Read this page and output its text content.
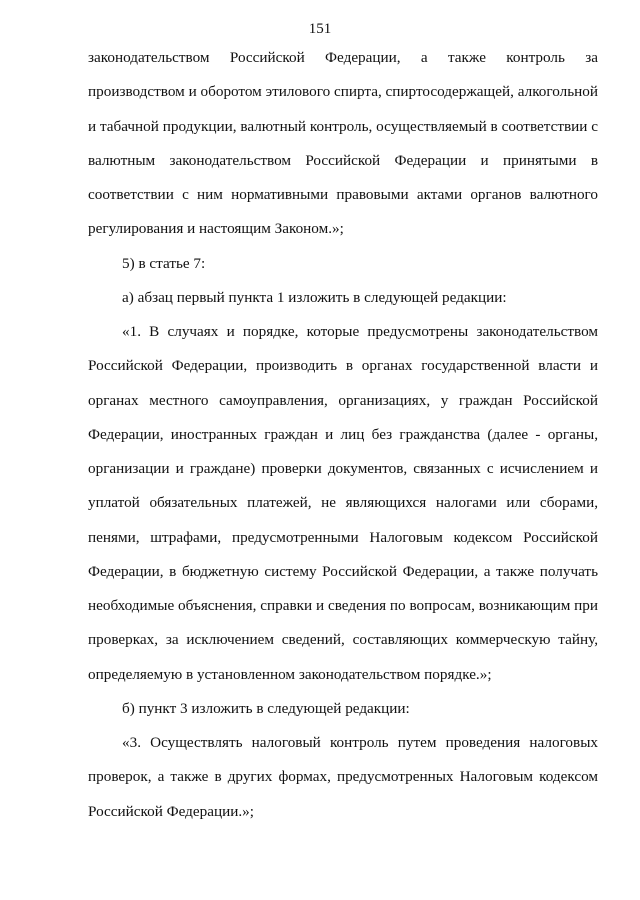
151

законодательством Российской Федерации, а также контроль за производством и оборотом этилового спирта, спиртосодержащей, алкогольной и табачной продукции, валютный контроль, осуществляемый в соответствии с валютным законодательством Российской Федерации и принятыми в соответствии с ним нормативными правовыми актами органов валютного регулирования и настоящим Законом.»;

5) в статье 7:

а) абзац первый пункта 1 изложить в следующей редакции:

«1. В случаях и порядке, которые предусмотрены законодательством Российской Федерации, производить в органах государственной власти и органах местного самоуправления, организациях, у граждан Российской Федерации, иностранных граждан и лиц без гражданства (далее - органы, организации и граждане) проверки документов, связанных с исчислением и уплатой обязательных платежей, не являющихся налогами или сборами, пенями, штрафами, предусмотренными Налоговым кодексом Российской Федерации, в бюджетную систему Российской Федерации, а также получать необходимые объяснения, справки и сведения по вопросам, возникающим при проверках, за исключением сведений, составляющих коммерческую тайну, определяемую в установленном законодательством порядке.»;

б) пункт 3 изложить в следующей редакции:

«3. Осуществлять налоговый контроль путем проведения налоговых проверок, а также в других формах, предусмотренных Налоговым кодексом Российской Федерации.»;
